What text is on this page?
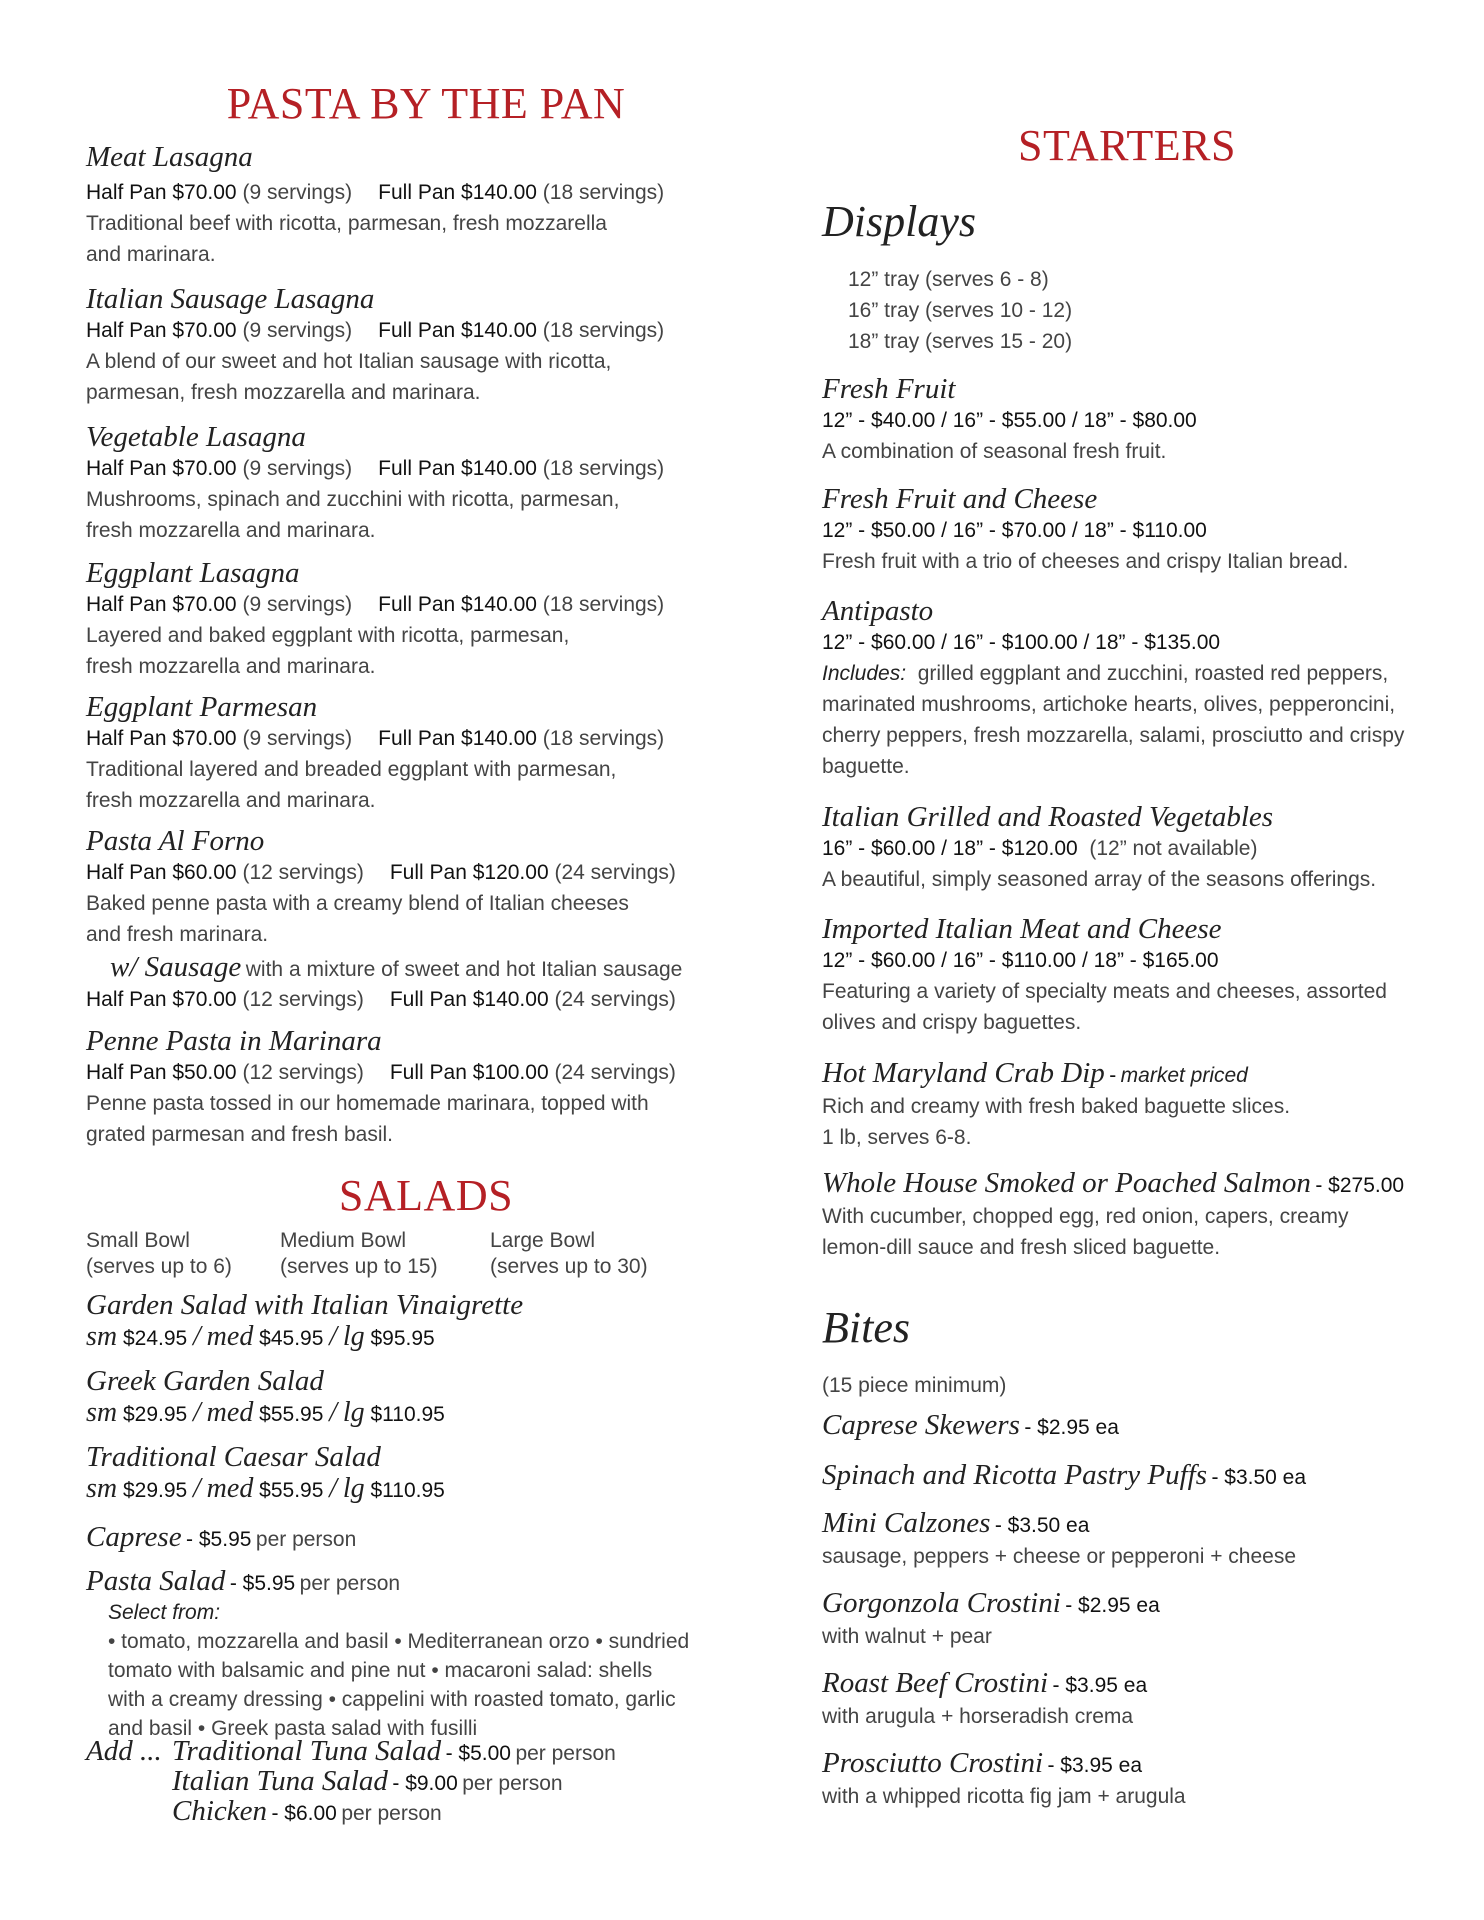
PASTA BY THE PAN
Meat Lasagna
Half Pan $70.00 (9 servings) Full Pan $140.00 (18 servings)
Traditional beef with ricotta, parmesan, fresh mozzarella
and marinara.
Italian Sausage Lasagna
Half Pan $70.00 (9 servings) Full Pan $140.00 (18 servings)
A blend of our sweet and hot Italian sausage with ricotta,
parmesan, fresh mozzarella and marinara.
Vegetable Lasagna
Half Pan $70.00 (9 servings) Full Pan $140.00 (18 servings)
Mushrooms, spinach and zucchini with ricotta, parmesan,
fresh mozzarella and marinara.
Eggplant Lasagna
Half Pan $70.00 (9 servings) Full Pan $140.00 (18 servings)
Layered and baked eggplant with ricotta, parmesan,
fresh mozzarella and marinara.
Eggplant Parmesan
Half Pan $70.00 (9 servings) Full Pan $140.00 (18 servings)
Traditional layered and breaded eggplant with parmesan,
fresh mozzarella and marinara.
Pasta Al Forno
Half Pan $60.00 (12 servings) Full Pan $120.00 (24 servings)
Baked penne pasta with a creamy blend of Italian cheeses
and fresh marinara.
w/ Sausage with a mixture of sweet and hot Italian sausage
Half Pan $70.00 (12 servings) Full Pan $140.00 (24 servings)
Penne Pasta in Marinara
Half Pan $50.00 (12 servings) Full Pan $100.00 (24 servings)
Penne pasta tossed in our homemade marinara, topped with
grated parmesan and fresh basil.
SALADS
Small Bowl
(serves up to 6)
Medium Bowl
(serves up to 15)
Large Bowl
(serves up to 30)
Garden Salad with Italian Vinaigrette
sm $24.95 / med $45.95 / lg $95.95
Greek Garden Salad
sm $29.95 / med $55.95 / lg $110.95
Traditional Caesar Salad
sm $29.95 / med $55.95 / lg $110.95
Caprese - $5.95 per person
Pasta Salad - $5.95 per person
Select from:
• tomato, mozzarella and basil • Mediterranean orzo • sundried
tomato with balsamic and pine nut • macaroni salad: shells
with a creamy dressing • cappelini with roasted tomato, garlic
and basil • Greek pasta salad with fusilli
Add ... Traditional Tuna Salad - $5.00 per person
Italian Tuna Salad - $9.00 per person
Chicken - $6.00 per person
STARTERS
Displays
12” tray (serves 6 - 8)
16” tray (serves 10 - 12)
18” tray (serves 15 - 20)
Fresh Fruit
12” - $40.00 / 16” - $55.00 / 18” - $80.00
A combination of seasonal fresh fruit.
Fresh Fruit and Cheese
12” - $50.00 / 16” - $70.00 / 18” - $110.00
Fresh fruit with a trio of cheeses and crispy Italian bread.
Antipasto
12” - $60.00 / 16” - $100.00 / 18” - $135.00
Includes: grilled eggplant and zucchini, roasted red peppers,
marinated mushrooms, artichoke hearts, olives, pepperoncini,
cherry peppers, fresh mozzarella, salami, prosciutto and crispy
baguette.
Italian Grilled and Roasted Vegetables
16” - $60.00 / 18” - $120.00 (12” not available)
A beautiful, simply seasoned array of the seasons offerings.
Imported Italian Meat and Cheese
12” - $60.00 / 16” - $110.00 / 18” - $165.00
Featuring a variety of specialty meats and cheeses, assorted
olives and crispy baguettes.
Hot Maryland Crab Dip - market priced
Rich and creamy with fresh baked baguette slices.
1 lb, serves 6-8.
Whole House Smoked or Poached Salmon - $275.00
With cucumber, chopped egg, red onion, capers, creamy
lemon-dill sauce and fresh sliced baguette.
Bites
(15 piece minimum)
Caprese Skewers - $2.95 ea
Spinach and Ricotta Pastry Puffs - $3.50 ea
Mini Calzones - $3.50 ea
sausage, peppers + cheese or pepperoni + cheese
Gorgonzola Crostini - $2.95 ea
with walnut + pear
Roast Beef Crostini - $3.95 ea
with arugula + horseradish crema
Prosciutto Crostini - $3.95 ea
with a whipped ricotta fig jam + arugula
